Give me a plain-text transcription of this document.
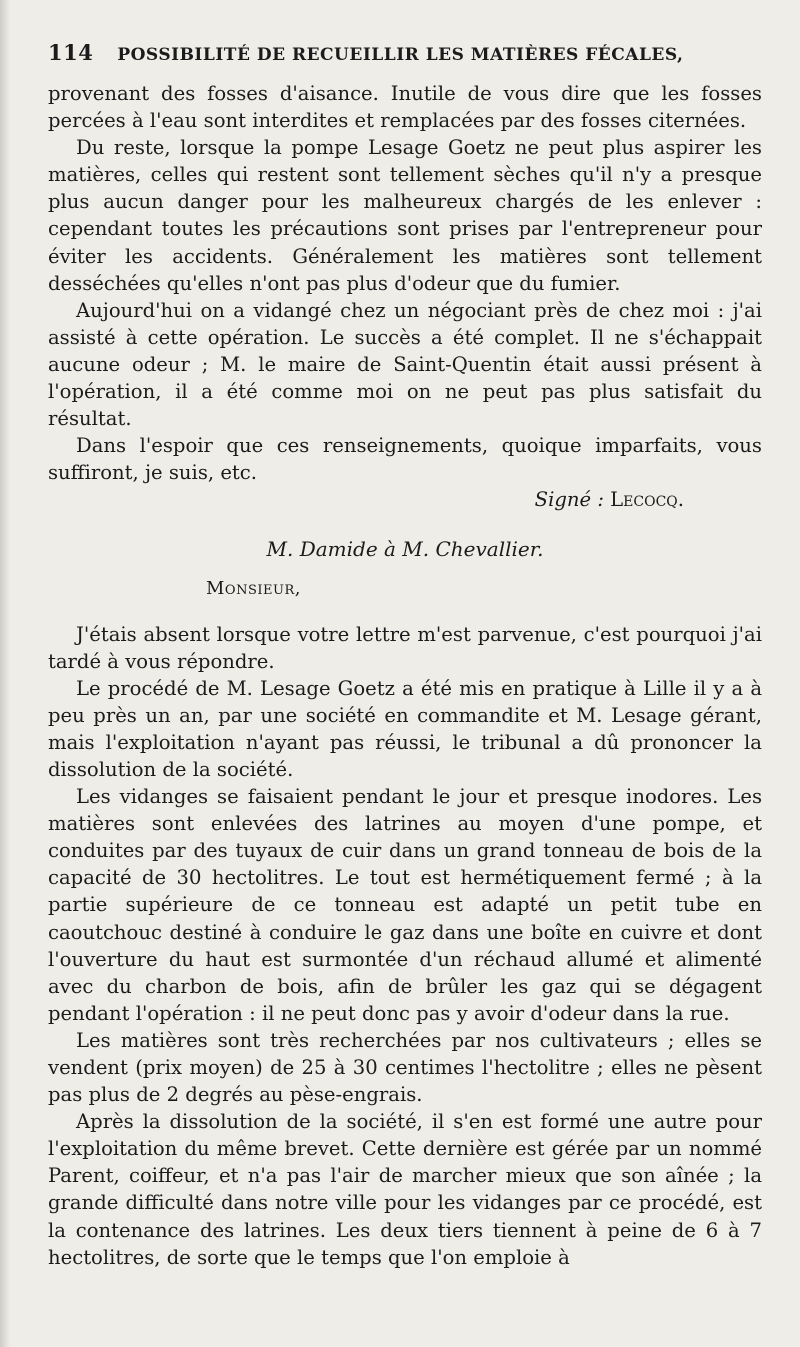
114 POSSIBILITÉ DE RECUEILLIR LES MATIÈRES FÉCALES,

provenant des fosses d'aisance. Inutile de vous dire que les fosses percées à l'eau sont interdites et remplacées par des fosses citernées.

Du reste, lorsque la pompe Lesage Goetz ne peut plus aspirer les matières, celles qui restent sont tellement sèches qu'il n'y a presque plus aucun danger pour les malheureux chargés de les enlever : cependant toutes les précautions sont prises par l'entrepreneur pour éviter les accidents. Généralement les matières sont tellement desséchées qu'elles n'ont pas plus d'odeur que du fumier.

Aujourd'hui on a vidangé chez un négociant près de chez moi : j'ai assisté à cette opération. Le succès a été complet. Il ne s'échappait aucune odeur ; M. le maire de Saint-Quentin était aussi présent à l'opération, il a été comme moi on ne peut pas plus satisfait du résultat.

Dans l'espoir que ces renseignements, quoique imparfaits, vous suffiront, je suis, etc.

Signé : Lecocq.

M. Damide à M. Chevallier.
Monsieur,

J'étais absent lorsque votre lettre m'est parvenue, c'est pourquoi j'ai tardé à vous répondre.

Le procédé de M. Lesage Goetz a été mis en pratique à Lille il y a à peu près un an, par une société en commandite et M. Lesage gérant, mais l'exploitation n'ayant pas réussi, le tribunal a dû prononcer la dissolution de la société.

Les vidanges se faisaient pendant le jour et presque inodores. Les matières sont enlevées des latrines au moyen d'une pompe, et conduites par des tuyaux de cuir dans un grand tonneau de bois de la capacité de 30 hectolitres. Le tout est hermétiquement fermé ; à la partie supérieure de ce tonneau est adapté un petit tube en caoutchouc destiné à conduire le gaz dans une boîte en cuivre et dont l'ouverture du haut est surmontée d'un réchaud allumé et alimenté avec du charbon de bois, afin de brûler les gaz qui se dégagent pendant l'opération : il ne peut donc pas y avoir d'odeur dans la rue.

Les matières sont très recherchées par nos cultivateurs ; elles se vendent (prix moyen) de 25 à 30 centimes l'hectolitre ; elles ne pèsent pas plus de 2 degrés au pèse-engrais.

Après la dissolution de la société, il s'en est formé une autre pour l'exploitation du même brevet. Cette dernière est gérée par un nommé Parent, coiffeur, et n'a pas l'air de marcher mieux que son aînée ; la grande difficulté dans notre ville pour les vidanges par ce procédé, est la contenance des latrines. Les deux tiers tiennent à peine de 6 à 7 hectolitres, de sorte que le temps que l'on emploie à
